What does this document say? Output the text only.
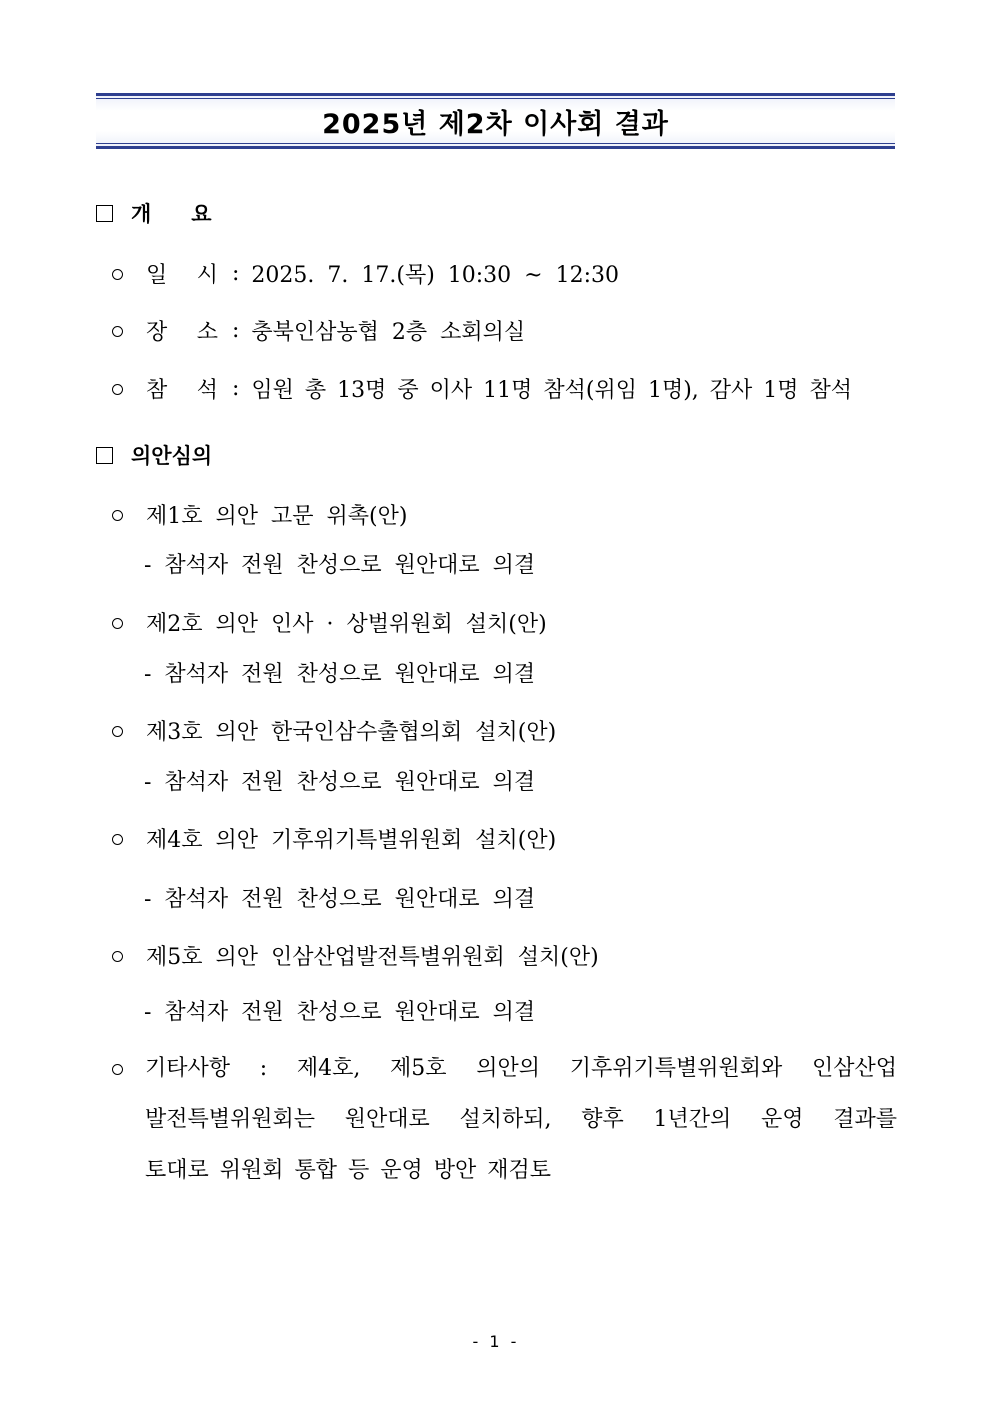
2025년 제2차 이사회 결과
개 요
일 시 : 2025. 7. 17.(목) 10:30 ~ 12:30
장 소 : 충북인삼농협 2층 소회의실
참 석 : 임원 총 13명 중 이사 11명 참석(위임 1명), 감사 1명 참석
의안심의
제1호 의안 고문 위촉(안)
- 참석자 전원 찬성으로 원안대로 의결
제2호 의안 인사 · 상벌위원회 설치(안)
- 참석자 전원 찬성으로 원안대로 의결
제3호 의안 한국인삼수출협의회 설치(안)
- 참석자 전원 찬성으로 원안대로 의결
제4호 의안 기후위기특별위원회 설치(안)
- 참석자 전원 찬성으로 원안대로 의결
제5호 의안 인삼산업발전특별위원회 설치(안)
- 참석자 전원 찬성으로 원안대로 의결
기타사항 : 제4호, 제5호 의안의 기후위기특별위원회와 인삼산업
발전특별위원회는 원안대로 설치하되, 향후 1년간의 운영 결과를
토대로 위원회 통합 등 운영 방안 재검토
- 1 -
